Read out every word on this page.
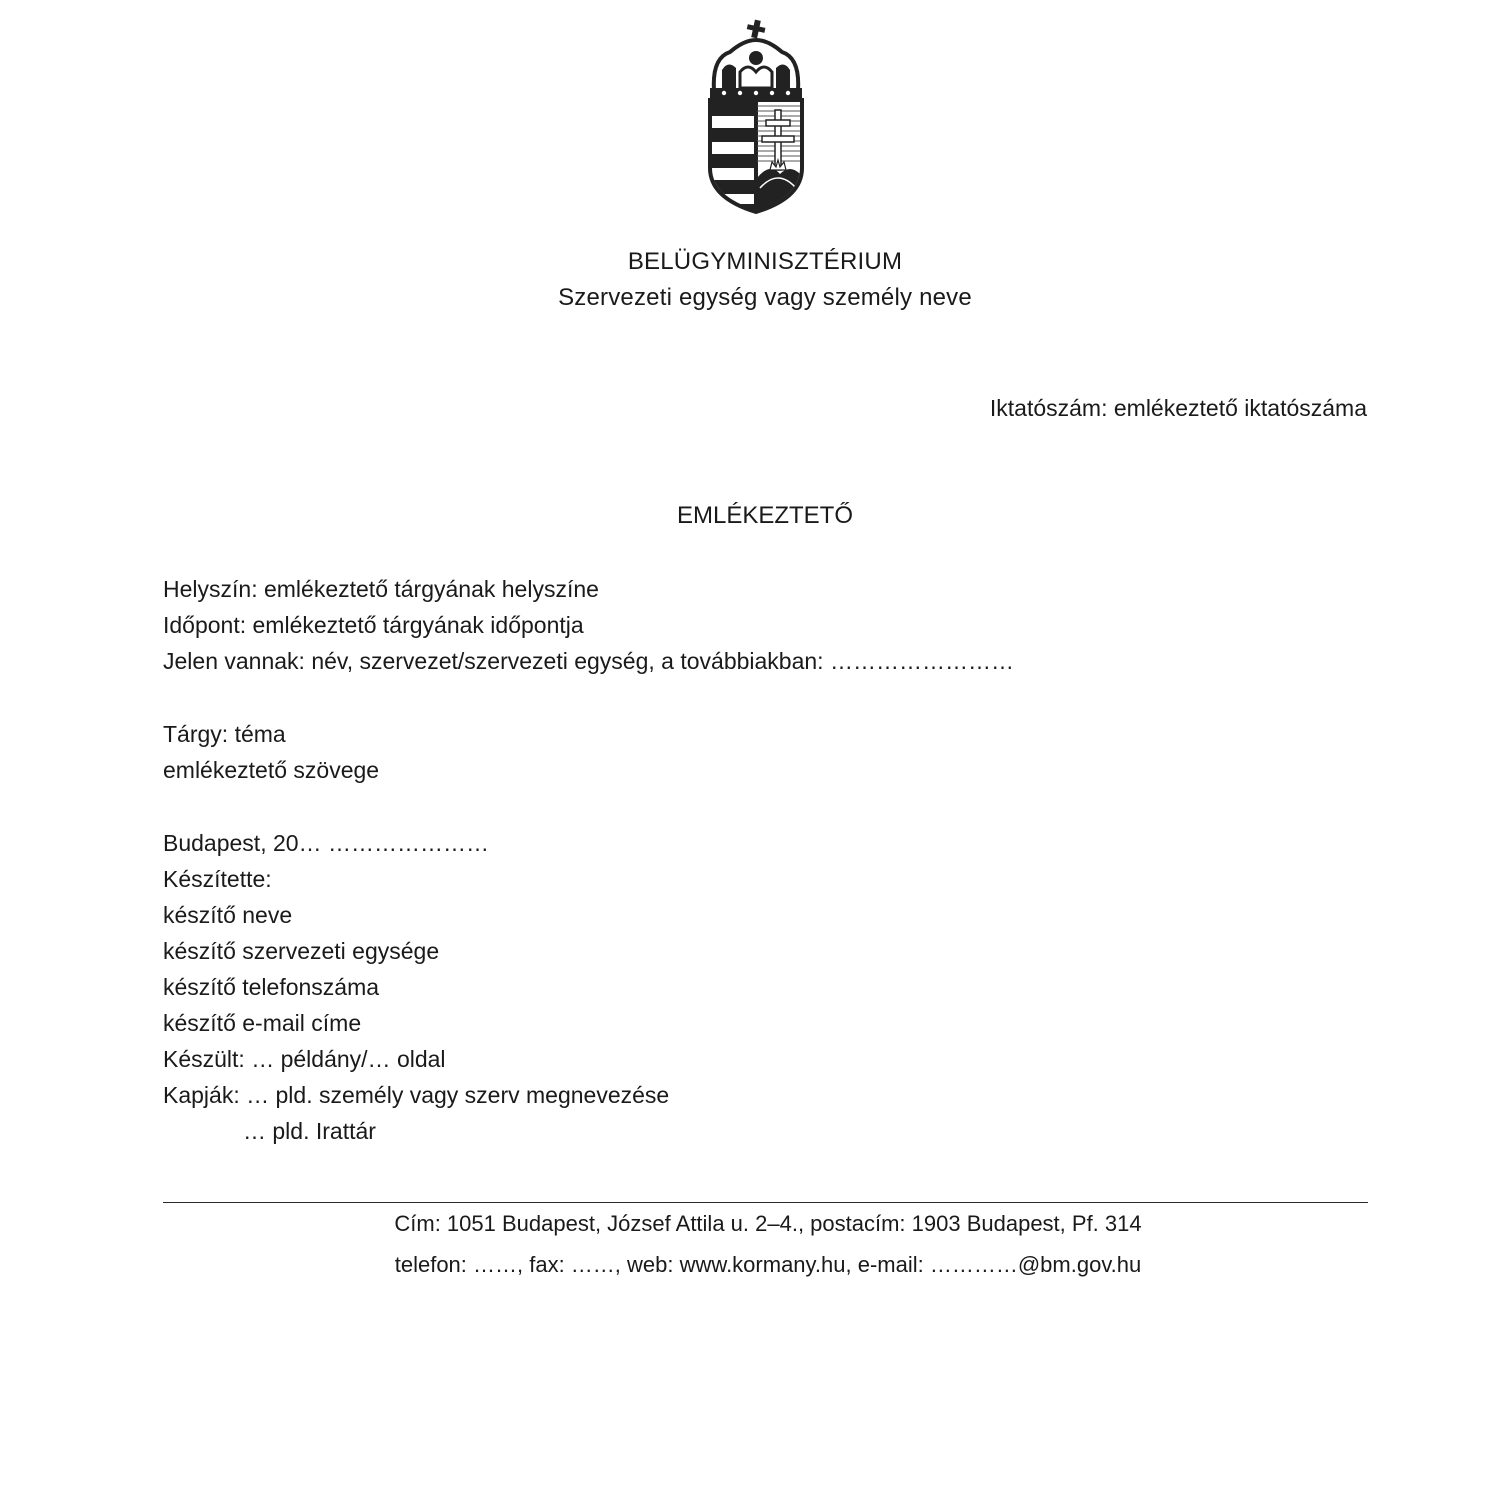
BELÜGYMINISZTÉRIUM
Szervezeti egység vagy személy neve
Iktatószám: emlékeztető iktatószáma
EMLÉKEZTETŐ
Helyszín: emlékeztető tárgyának helyszíne
Időpont: emlékeztető tárgyának időpontja
Jelen vannak: név, szervezet/szervezeti egység, a továbbiakban: ……………………
Tárgy: téma
emlékeztető szövege
Budapest, 20… …………………
Készítette:
készítő neve
készítő szervezeti egysége
készítő telefonszáma
készítő e-mail címe
Készült: … példány/… oldal
Kapják: … pld. személy vagy szerv megnevezése
… pld. Irattár
Cím: 1051 Budapest, József Attila u. 2–4., postacím: 1903 Budapest, Pf. 314
telefon: ……, fax: ……, web: www.kormany.hu, e-mail: …………@bm.gov.hu
